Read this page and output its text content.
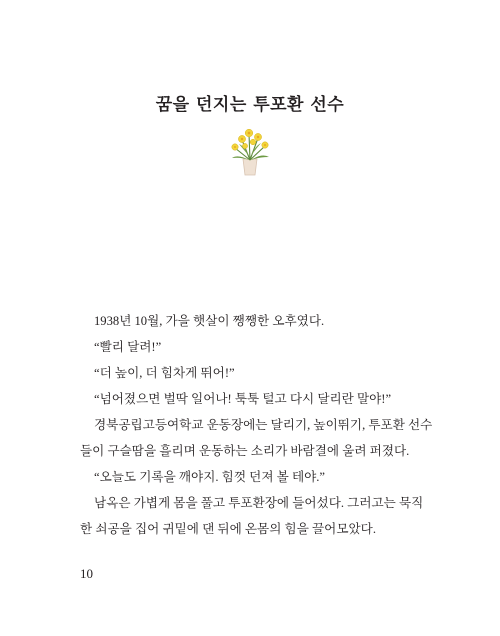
꿈을 던지는 투포환 선수

1938년 10월, 가을 햇살이 쨍쨍한 오후였다.

“빨리 달려!”

“더 높이, 더 힘차게 뛰어!”

“넘어졌으면 벌딱 일어나! 툭툭 털고 다시 달리란 말야!”

경북공립고등여학교 운동장에는 달리기, 높이뛰기, 투포환 선수

들이 구슬땀을 흘리며 운동하는 소리가 바람결에 울려 퍼졌다.

“오늘도 기록을 깨야지. 힘껏 던져 볼 테야.”

남옥은 가볍게 몸을 풀고 투포환장에 들어섰다. 그러고는 묵직

한 쇠공을 집어 귀밑에 댄 뒤에 온몸의 힘을 끌어모았다.

10
